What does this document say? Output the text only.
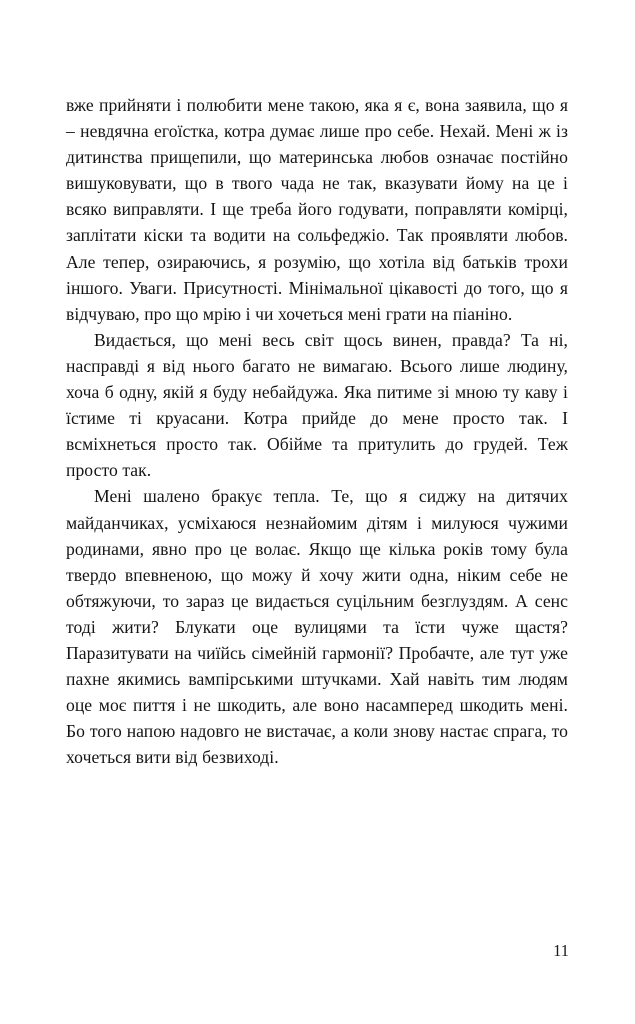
вже прийняти і полюбити мене такою, яка я є, вона заявила, що я – невдячна егоїстка, котра думає лише про себе. Нехай. Мені ж із дитинства прищепили, що материнська любов означає постійно вишуковувати, що в твого чада не так, вказувати йому на це і всяко виправляти. І ще треба його годувати, поправляти комірці, заплітати кіски та водити на сольфеджіо. Так проявляти любов. Але тепер, озираючись, я розумію, що хотіла від батьків трохи іншого. Уваги. Присутності. Мінімальної цікавості до того, що я відчуваю, про що мрію і чи хочеться мені грати на піаніно.

Видається, що мені весь світ щось винен, правда? Та ні, насправді я від нього багато не вимагаю. Всього лише людину, хоча б одну, якій я буду небайдужа. Яка питиме зі мною ту каву і їстиме ті круасани. Котра прийде до мене просто так. І всміхнеться просто так. Обійме та притулить до грудей. Теж просто так.

Мені шалено бракує тепла. Те, що я сиджу на дитячих майданчиках, усміхаюся незнайомим дітям і милуюся чужими родинами, явно про це волає. Якщо ще кілька років тому була твердо впевненою, що можу й хочу жити одна, ніким себе не обтяжуючи, то зараз це видається суцільним безглуздям. А сенс тоді жити? Блукати оце вулицями та їсти чуже щастя? Паразитувати на чиїйсь сімейній гармонії? Пробачте, але тут уже пахне якимись вампірськими штучками. Хай навіть тим людям оце моє пиття і не шкодить, але воно насамперед шкодить мені. Бо того напою надовго не вистачає, а коли знову настає спрага, то хочеться вити від безвиході.

11
